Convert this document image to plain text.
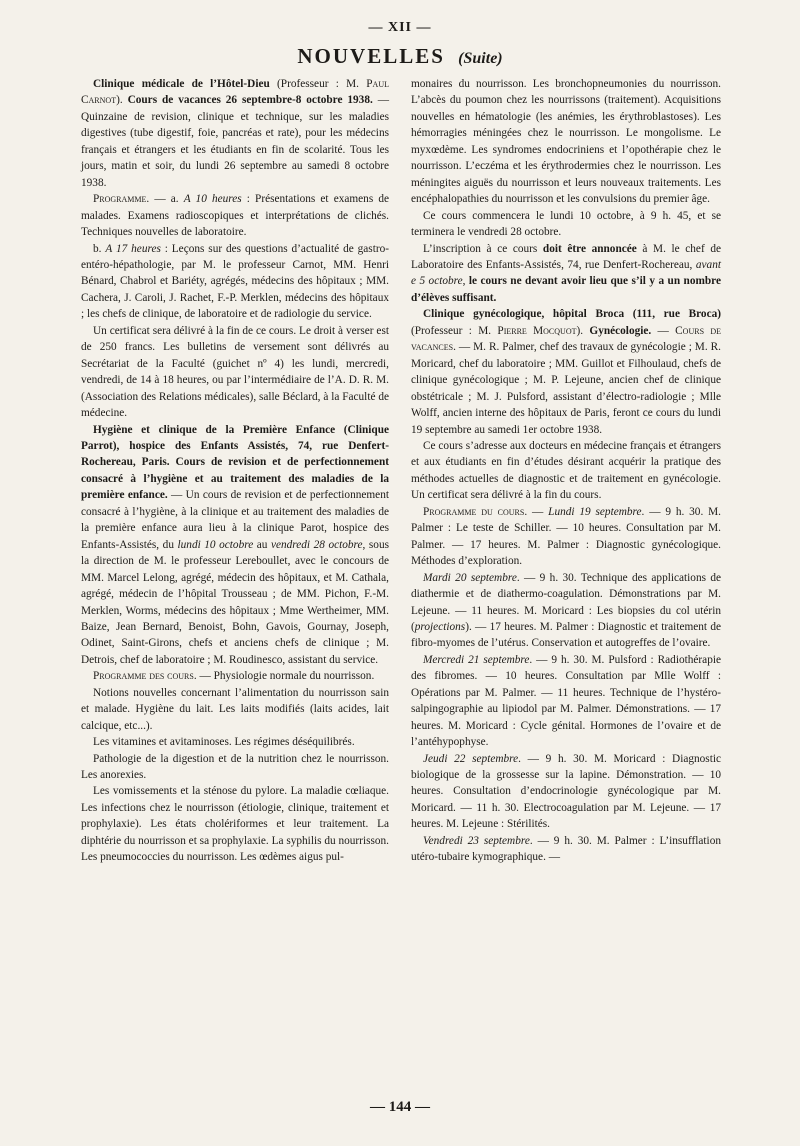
— XII —
NOUVELLES (Suite)

Clinique médicale de l’Hôtel-Dieu (Professeur : M. Paul Carnot). Cours de vacances 26 septembre-8 octobre 1938. — Quinzaine de revision, clinique et technique, sur les maladies digestives (tube digestif, foie, pancréas et rate), pour les médecins français et étrangers et les étudiants en fin de scolarité. Tous les jours, matin et soir, du lundi 26 septembre au samedi 8 octobre 1938.

Programme. — a. A 10 heures : Présentations et examens de malades. Examens radioscopiques et interprétations de clichés. Techniques nouvelles de laboratoire.

b. A 17 heures : Leçons sur des questions d’actualité de gastro-entéro-hépathologie, par M. le professeur Carnot, MM. Henri Bénard, Chabrol et Bariéty, agrégés, médecins des hôpitaux ; MM. Cachera, J. Caroli, J. Rachet, F.-P. Merklen, médecins des hôpitaux ; les chefs de clinique, de laboratoire et de radiologie du service.

Un certificat sera délivré à la fin de ce cours. Le droit à verser est de 250 francs. Les bulletins de versement sont délivrés au Secrétariat de la Faculté (guichet nº 4) les lundi, mercredi, vendredi, de 14 à 18 heures, ou par l’intermédiaire de l’A. D. R. M. (Association des Relations médicales), salle Béclard, à la Faculté de médecine.

Hygiène et clinique de la Première Enfance (Clinique Parrot), hospice des Enfants Assistés, 74, rue Denfert-Rochereau, Paris. Cours de revision et de perfectionnement consacré à l’hygiène et au traitement des maladies de la première enfance. — Un cours de revision et de perfectionnement consacré à l’hygiène, à la clinique et au traitement des maladies de la première enfance aura lieu à la clinique Parot, hospice des Enfants-Assistés, du lundi 10 octobre au vendredi 28 octobre, sous la direction de M. le professeur Lereboullet, avec le concours de MM. Marcel Lelong, agrégé, médecin des hôpitaux, et M. Cathala, agrégé, médecin de l’hôpital Trousseau ; de MM. Pichon, F.-M. Merklen, Worms, médecins des hôpitaux ; Mme Wertheimer, MM. Baize, Jean Bernard, Benoist, Bohn, Gavois, Gournay, Joseph, Odinet, Saint-Girons, chefs et anciens chefs de clinique ; M. Detrois, chef de laboratoire ; M. Roudinesco, assistant du service.

Programme des cours. — Physiologie normale du nourrisson.

Notions nouvelles concernant l’alimentation du nourrisson sain et malade. Hygiène du lait. Les laits modifiés (laits acides, lait calcique, etc...).

Les vitamines et avitaminoses. Les régimes déséquilibrés.

Pathologie de la digestion et de la nutrition chez le nourrisson. Les anorexies.

Les vomissements et la sténose du pylore. La maladie cœliaque. Les infections chez le nourrisson (étiologie, clinique, traitement et prophylaxie). Les états cholériformes et leur traitement. La diphtérie du nourrisson et sa prophylaxie. La syphilis du nourrisson. Les pneumococcies du nourrisson. Les œdèmes aigus pul-

monaires du nourrisson. Les bronchopneumonies du nourrisson. L’abcès du poumon chez les nourrissons (traitement). Acquisitions nouvelles en hématologie (les anémies, les érythroblastoses). Les hémorragies méningées chez le nourrisson. Le mongolisme. Le myxœdème. Les syndromes endocriniens et l’opothérapie chez le nourrisson. L’eczéma et les érythrodermies chez le nourrisson. Les méningites aiguës du nourrisson et leurs nouveaux traitements. Les encéphalopathies du nourrisson et les convulsions du premier âge.

Ce cours commencera le lundi 10 octobre, à 9 h. 45, et se terminera le vendredi 28 octobre.

L’inscription à ce cours doit être annoncée à M. le chef de Laboratoire des Enfants-Assistés, 74, rue Denfert-Rochereau, avant e 5 octobre, le cours ne devant avoir lieu que s’il y a un nombre d’élèves suffisant.

Clinique gynécologique, hôpital Broca (111, rue Broca) (Professeur : M. Pierre Mocquot). Gynécologie. — Cours de vacances. — M. R. Palmer, chef des travaux de gynécologie ; M. R. Moricard, chef du laboratoire ; MM. Guillot et Filhoulaud, chefs de clinique gynécologique ; M. P. Lejeune, ancien chef de clinique obstétricale ; M. J. Pulsford, assistant d’électro-radiologie ; Mlle Wolff, ancien interne des hôpitaux de Paris, feront ce cours du lundi 19 septembre au samedi 1er octobre 1938.

Ce cours s’adresse aux docteurs en médecine français et étrangers et aux étudiants en fin d’études désirant acquérir la pratique des méthodes actuelles de diagnostic et de traitement en gynécologie. Un certificat sera délivré à la fin du cours.

Programme du cours. — Lundi 19 septembre. — 9 h. 30. M. Palmer : Le teste de Schiller. — 10 heures. Consultation par M. Palmer. — 17 heures. M. Palmer : Diagnostic gynécologique. Méthodes d’exploration.

Mardi 20 septembre. — 9 h. 30. Technique des applications de diathermie et de diathermo-coagulation. Démonstrations par M. Lejeune. — 11 heures. M. Moricard : Les biopsies du col utérin (projections). — 17 heures. M. Palmer : Diagnostic et traitement de fibro-myomes de l’utérus. Conservation et autogreffes de l’ovaire.

Mercredi 21 septembre. — 9 h. 30. M. Pulsford : Radiothérapie des fibromes. — 10 heures. Consultation par Mlle Wolff : Opérations par M. Palmer. — 11 heures. Technique de l’hystéro-salpingographie au lipiodol par M. Palmer. Démonstrations. — 17 heures. M. Moricard : Cycle génital. Hormones de l’ovaire et de l’antéhypophyse.

Jeudi 22 septembre. — 9 h. 30. M. Moricard : Diagnostic biologique de la grossesse sur la lapine. Démonstration. — 10 heures. Consultation d’endocrinologie gynécologique par M. Moricard. — 11 h. 30. Electrocoagulation par M. Lejeune. — 17 heures. M. Lejeune : Stérilités.

Vendredi 23 septembre. — 9 h. 30. M. Palmer : L’insufflation utéro-tubaire kymographique. —

— 144 —
